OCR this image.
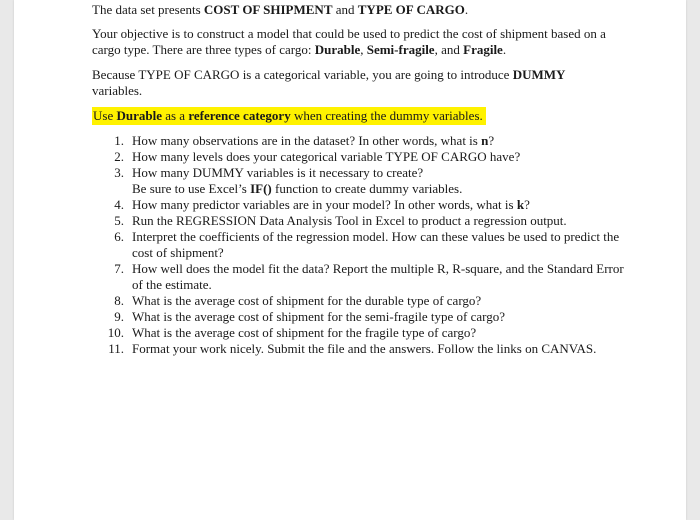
The data set presents COST OF SHIPMENT and TYPE OF CARGO.

Your objective is to construct a model that could be used to predict the cost of shipment based on a cargo type. There are three types of cargo: Durable, Semi-fragile, and Fragile.

Because TYPE OF CARGO is a categorical variable, you are going to introduce DUMMY variables.

Use Durable as a reference category when creating the dummy variables.

1. How many observations are in the dataset? In other words, what is n?
2. How many levels does your categorical variable TYPE OF CARGO have?
3. How many DUMMY variables is it necessary to create?
Be sure to use Excel’s IF() function to create dummy variables.
4. How many predictor variables are in your model? In other words, what is k?
5. Run the REGRESSION Data Analysis Tool in Excel to product a regression output.
6. Interpret the coefficients of the regression model. How can these values be used to predict the cost of shipment?
7. How well does the model fit the data? Report the multiple R, R-square, and the Standard Error of the estimate.
8. What is the average cost of shipment for the durable type of cargo?
9. What is the average cost of shipment for the semi-fragile type of cargo?
10. What is the average cost of shipment for the fragile type of cargo?
11. Format your work nicely. Submit the file and the answers. Follow the links on CANVAS.
